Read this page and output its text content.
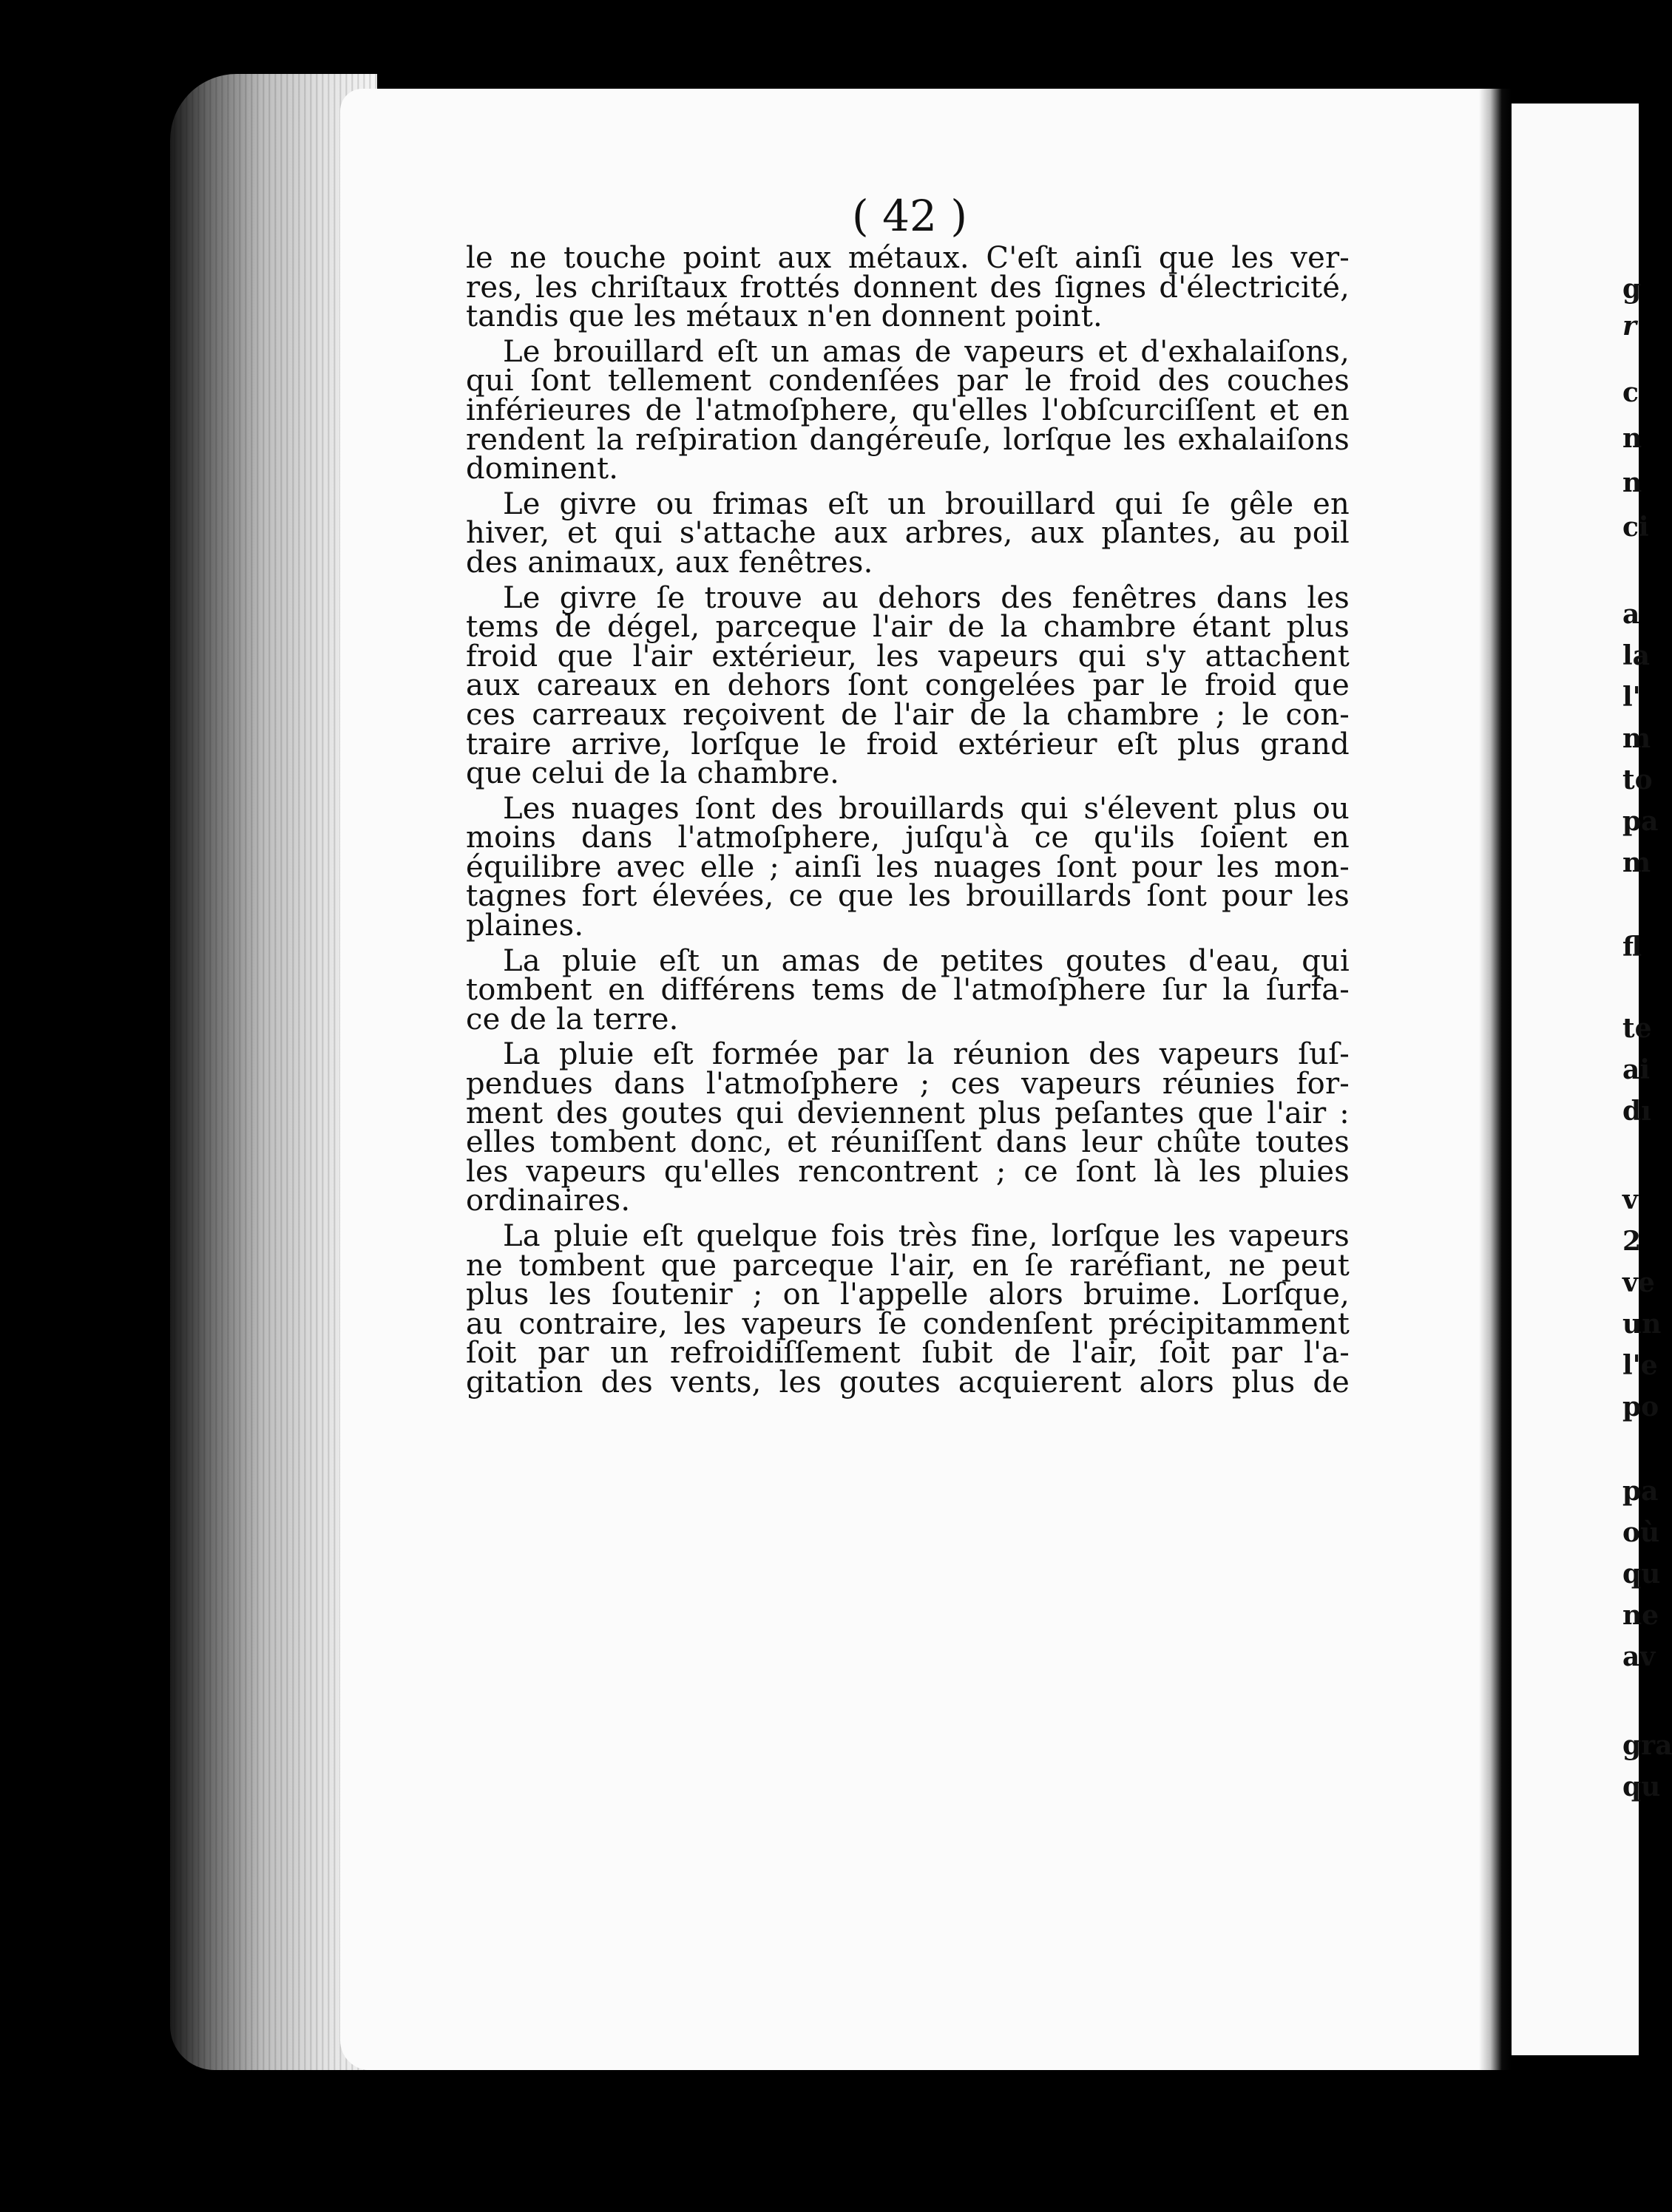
( 42 )
le ne touche point aux métaux. C'eſt ainſi que les ver-
res, les chriſtaux frottés donnent des ſignes d'électricité,
tandis que les métaux n'en donnent point.
Le brouillard eſt un amas de vapeurs et d'exhalaiſons,
qui ſont tellement condenſées par le froid des couches
inférieures de l'atmoſphere, qu'elles l'obſcurciſſent et en
rendent la reſpiration dangéreuſe, lorſque les exhalaiſons
dominent.
Le givre ou frimas eſt un brouillard qui ſe gêle en
hiver, et qui s'attache aux arbres, aux plantes, au poil
des animaux, aux fenêtres.
Le givre ſe trouve au dehors des fenêtres dans les
tems de dégel, parceque l'air de la chambre étant plus
froid que l'air extérieur, les vapeurs qui s'y attachent
aux careaux en dehors ſont congelées par le froid que
ces carreaux reçoivent de l'air de la chambre ; le con-
traire arrive, lorſque le froid extérieur eſt plus grand
que celui de la chambre.
Les nuages ſont des brouillards qui s'élevent plus ou
moins dans l'atmoſphere, juſqu'à ce qu'ils ſoient en
équilibre avec elle ; ainſi les nuages ſont pour les mon-
tagnes fort élevées, ce que les brouillards ſont pour les
plaines.
La pluie eſt un amas de petites goutes d'eau, qui
tombent en différens tems de l'atmoſphere ſur la ſurfa-
ce de la terre.
La pluie eſt formée par la réunion des vapeurs ſuſ-
pendues dans l'atmoſphere ; ces vapeurs réunies for-
ment des goutes qui deviennent plus peſantes que l'air :
elles tombent donc, et réuniſſent dans leur chûte toutes
les vapeurs qu'elles rencontrent ; ce ſont là les pluies
ordinaires.
La pluie eſt quelque fois très fine, lorſque les vapeurs
ne tombent que parceque l'air, en ſe raréfiant, ne peut
plus les ſoutenir ; on l'appelle alors bruime. Lorſque,
au contraire, les vapeurs ſe condenſent précipitamment
ſoit par un refroidiſſement ſubit de l'air, ſoit par l'a-
gitation des vents, les goutes acquierent alors plus de
g
r
c
n
n
ci
a
la
l'
m
to
pa
m
fl
te
ai
dı
v
2
ve
un
l'e
po
pa
où
qu
ne
av
gra
qu
